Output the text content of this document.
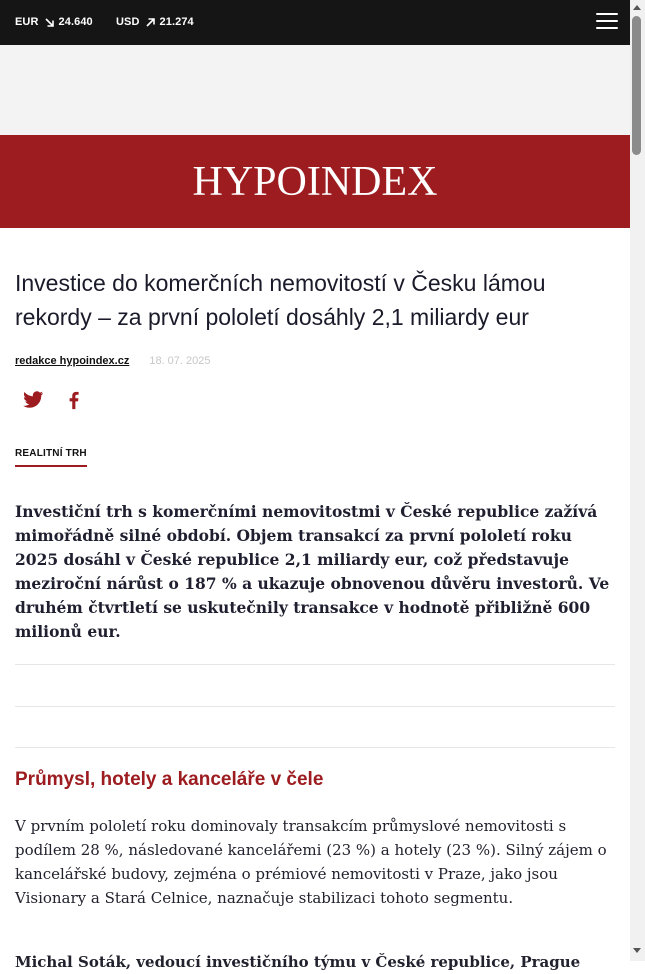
EUR 24.640 USD 21.274
HYPOINDEX
Investice do komerčních nemovitostí v Česku lámou rekordy – za první pololetí dosáhly 2,1 miliardy eur
redakce hypoindex.cz 18. 07. 2025
REALITNÍ TRH

Investiční trh s komerčními nemovitostmi v České republice zažívá mimořádně silné období. Objem transakcí za první pololetí roku 2025 dosáhl v České republice 2,1 miliardy eur, což představuje meziroční nárůst o 187 % a ukazuje obnovenou důvěru investorů. Ve druhém čtvrtletí se uskutečnily transakce v hodnotě přibližně 600 milionů eur.

Průmysl, hotely a kanceláře v čele

V prvním pololetí roku dominovaly transakcím průmyslové nemovitosti s podílem 28 %, následované kancelářemi (23 %) a hotely (23 %). Silný zájem o kancelářské budovy, zejména o prémiové nemovitosti v Praze, jako jsou Visionary a Stará Celnice, naznačuje stabilizaci tohoto segmentu.

Michal Soták, vedoucí investičního týmu v České republice, Prague
